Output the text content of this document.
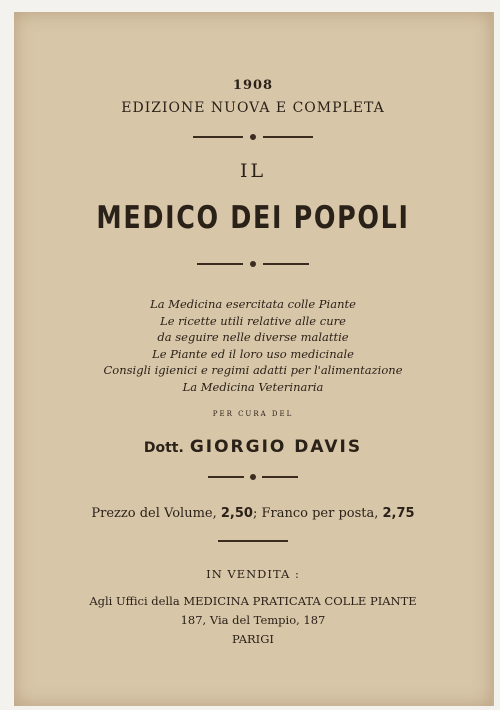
1908
EDIZIONE NUOVA E COMPLETA
IL
MEDICO DEI POPOLI
La Medicina esercitata colle Piante
Le ricette utili relative alle cure
da seguire nelle diverse malattie
Le Piante ed il loro uso medicinale
Consigli igienici e regimi adatti per l'alimentazione
La Medicina Veterinaria
PER CURA DEL
Dott. GIORGIO DAVIS
Prezzo del Volume, 2,50; Franco per posta, 2,75
IN VENDITA :
Agli Uffici della MEDICINA PRATICATA COLLE PIANTE
187, Via del Tempio, 187
PARIGI
